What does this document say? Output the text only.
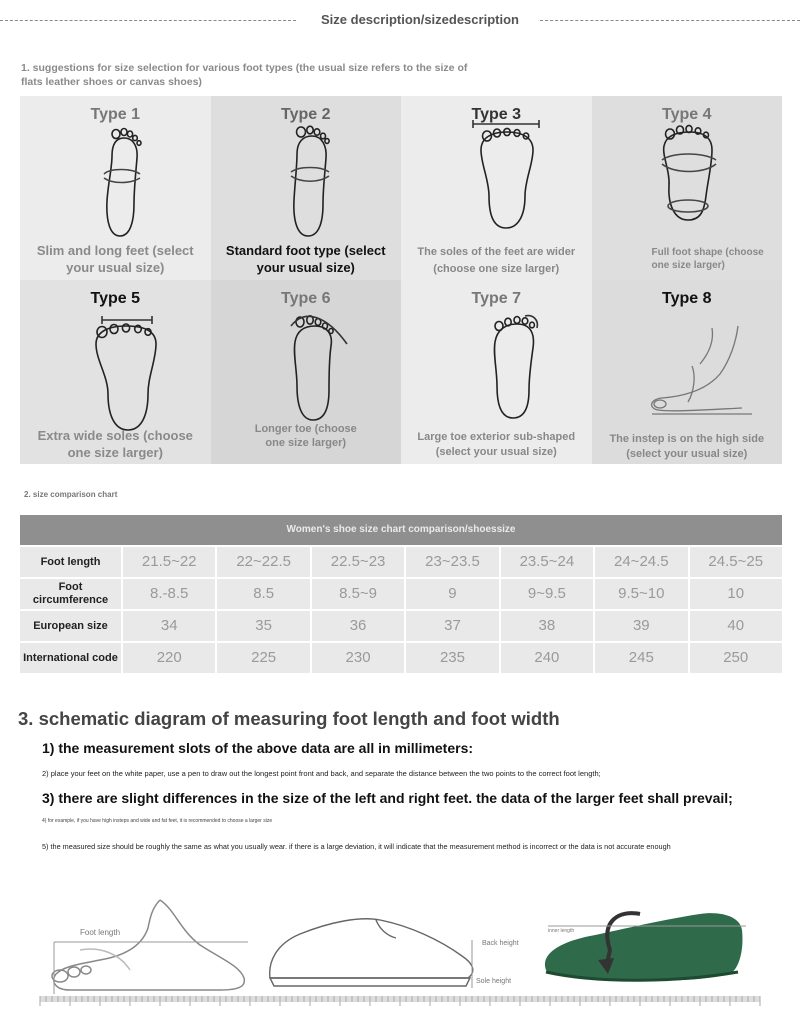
Size description/sizedescription
1. suggestions for size selection for various foot types (the usual size refers to the size of flats leather shoes or canvas shoes)
Type 1
Slim and long feet (select your usual size)
Type 2
Standard foot type (select your usual size)
Type 3
The soles of the feet are wider (choose one size larger)
Type 4
Full foot shape (choose one size larger)
Type 5
Extra wide soles (choose one size larger)
Type 6
Longer toe (choose one size larger)
Type 7
Large toe exterior sub-shaped (select your usual size)
Type 8
The instep is on the high side (select your usual size)
2. size comparison chart
Women's shoe size chart comparison/shoessize
Foot length	21.5~22	22~22.5	22.5~23	23~23.5	23.5~24	24~24.5	24.5~25
Foot circumference	8.-8.5	8.5	8.5~9	9	9~9.5	9.5~10	10
European size	34	35	36	37	38	39	40
International code	220	225	230	235	240	245	250
3. schematic diagram of measuring foot length and foot width
1) the measurement slots of the above data are all in millimeters:
2) place your feet on the white paper, use a pen to draw out the longest point front and back, and separate the distance between the two points to the correct foot length;
3) there are slight differences in the size of the left and right feet. the data of the larger feet shall prevail;
4) for example, if you have high insteps and wide and fat feet, it is recommended to choose a larger size
5) the measured size should be roughly the same as what you usually wear. if there is a large deviation, it will indicate that the measurement method is incorrect or the data is not accurate enough
Foot length
Back height
Sole height
inner length
